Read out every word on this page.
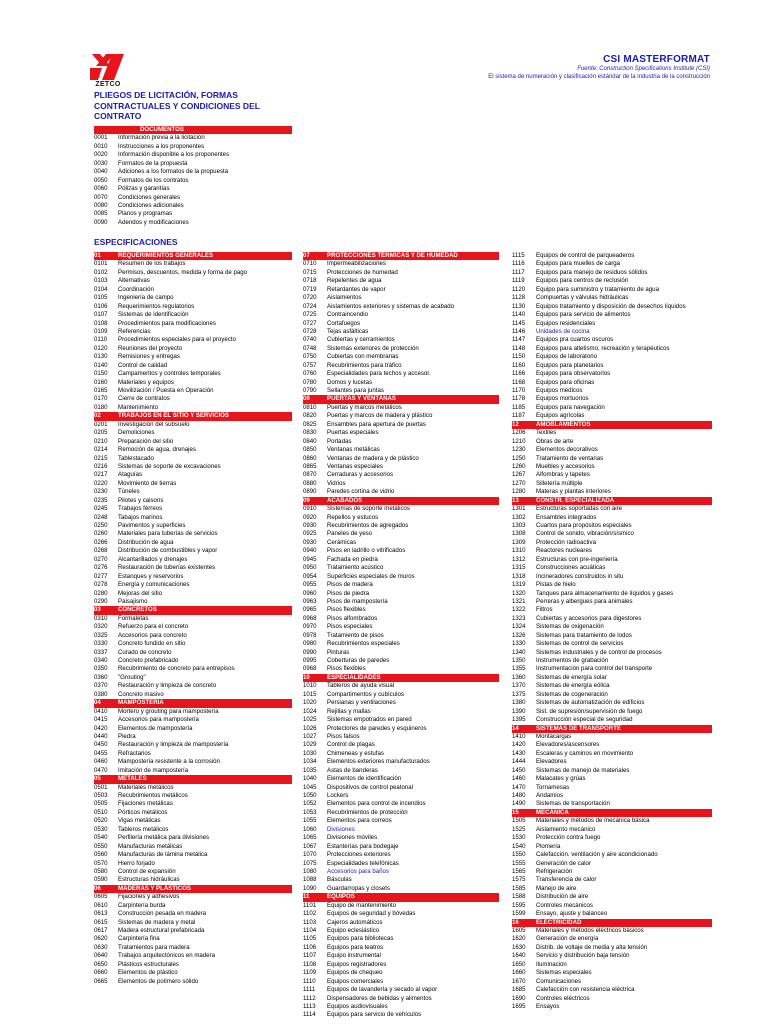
ZETCO
CSI MASTERFORMAT
Fuente: Construction Specifications Institute (CSI)
El sistema de numeración y clasificación estándar de la industria de la construcción
PLIEGOS DE LICITACIÓN, FORMAS CONTRACTUALES Y CONDICIONES DEL CONTRATO
DOCUMENTOS
0001	Información previa a la licitación
0010	Instrucciones a los proponentes
0020	Información disponible a los proponentes
0030	Formatos de la propuesta
0040	Adiciones a los formatos de la propuesta
0050	Formatos de los contratos
0060	Pólizas y garantías
0070	Condiciones generales
0080	Condiciones adicionales
0085	Planos y programas
0090	Adendos y modificaciones
ESPECIFICACIONES
01	REQUERIMIENTOS GENERALES
0101	Resumen de los trabajos
0102	Permisos, descuentos, medida y forma de pago
0103	Alternativas
0104	Coordinación
0105	Ingeniería de campo
0106	Requerimientos regulatorios
0107	Sistemas de identificación
0108	Procedimientos para modificaciones
0109	Referencias
0110	Procedimientos especiales para el proyecto
0120	Reuniones del proyecto
0130	Remisiones y entregas
0140	Control de calidad
0150	Campamentos y controles temporales
0160	Materiales y equipos
0165	Movilización / Puesta en Operación
0170	Cierre de contratos
0180	Mantenimiento
02	TRABAJOS EN EL SITIO Y SERVICIOS
0201	Investigación del subsuelo
0205	Demoliciones
0210	Preparación del sitio
0214	Remoción de agua, drenajes
0215	Tablestacado
0216	Sistemas de soporte de excavaciones
0217	Ataguías
0220	Movimiento de tierras
0230	Túneles
0235	Pilotes y caisons
0245	Trabajos férreos
0248	Tabajos marinos
0250	Pavimentos y superficies
0260	Materiales para tuberías de servicios
0266	Distribución de agua
0268	Distribución de combustibles y vapor
0270	Alcantarillados y drenajes
0276	Restauración de tuberías existentes
0277	Estanques y reservorios
0278	Energía y comunicaciones
0280	Mejoras del sitio
0290	Paisajismo
03	CONCRETOS
0310	Formaletas
0320	Refuerzo para el concreto
0325	Accesorios para concreto
0330	Concreto fundido en sitio
0337	Curado de concreto
0340	Concreto prefabricado
0350	Recubrimiento de concreto para entrepisos
0360	"Grouting"
0370	Restauración y limpieza de concreto
0380	Concreto masivo
04	MAMPOSTERIA
0410	Mortero y grouting para mampostería
0415	Accesorios para mampostería
0420	Elementos de mampostería
0440	Piedra
0450	Restauración y limpieza de mampostería
0455	Refractarios
0460	Mampostería resistente a la corrosión
0470	Imitación de mampostería
05	METALES
0501	Materiales metálicos
0503	Recubrimientos metálicos
0505	Fijaciones metálicas
0510	Pórticos metálicos
0520	Vigas metálicas
0530	Tableros metálicos
0540	Perfilería metálica para divisiones
0550	Manufacturas metálicas
0560	Manufacturas de lámina metálica
0570	Hierro forjado
0580	Control de expansión
0590	Estructuras hidráulicas
06	MADERAS Y PLÁSTICOS
0605	Fijaciones y adhesivos
0610	Carpintería burda
0613	Construcción pesada en madera
0615	Sistemas de madera y metal
0617	Madera estructural prefabricada
0620	Carpintería fina
0630	Tratamientos para madera
0640	Trabajos arquitectónicos en madera
0650	Plásticos estructurales
0660	Elementos de plástico
0665	Elementos de polímero sólido
07	PROTECCIONES TÉRMICAS Y DE HUMEDAD
0710	Impermeabilizaciones
0715	Protecciones de humedad
0718	Repelentes de agua
0719	Retardantes de vapor
0720	Aislamientos
0724	Aislamientos exteriores y sistemas de acabado
0725	Contraincendio
0727	Cortafuegos
0728	Tejas asfálticas
0740	Cubiertas y cerramientos
0748	Sistemas exteriores de protección
0750	Cubiertas con membranas
0757	Recubrimientos para tráfico
0760	Especialidades para techos y accesor.
0780	Domos y lucetas
0790	Sellantes para juntas
08	PUERTAS Y VENTANAS
0810	Puertas y marcos metálicos
0820	Puertas y marcos de madera y plástico
0825	Ensambles para apertura de puertas
0830	Puertas especiales
0840	Portadas
0850	Ventanas metálicas
0860	Ventanas de madera y de plástico
0865	Ventanas especiales
0870	Cerraduras y accesorios
0880	Vidrios
0890	Paredes cortina de vidrio
09	ACABADOS
0910	Sistemas de soporte metálicos
0920	Repellos y estucos
0930	Recubrimientos de agregados
0925	Paneles de yeso
0930	Cerámicas
0940	Pisos en ladrillo o vitrificados
0945	Fachada en piedra
0950	Tratamiento acústico
0954	Superficies especiales de muros
0955	Pisos de madera
0960	Pisos de piedra
0963	Pisos de mampostería
0965	Pisos flexibles
0968	Pisos alfombrados
0970	Pisos especiales
0978	Tratamiento de pisos
0980	Recubrimientos especiales
0990	Pinturas
0995	Coberturas de paredes
0968	Pisos flexibles
10	ESPECIALIDADES
1010	Tableros de ayuda visual
1015	Compartimentos y cubículos
1020	Persianas y ventilaciones
1024	Rejillas y mallas
1025	Sistemas empotrados en pared
1026	Protectores de paredes y esquineros
1027	Pisos falsos
1029	Control de plagas
1030	Chimeneas y estufas
1034	Elementos exteriores manufacturados
1035	Astas de banderas
1040	Elementos de identificación
1045	Dispositivos de control peatonal
1050	Lockers
1052	Elementos para control de incendios
1053	Recubrimientos de protección
1055	Elementos para correos
1060	Divisiones
1065	Divisiones móviles
1067	Estanterías para bodegaje
1070	Protecciones exteriores
1075	Especialidades telefónicas
1080	Accesorios para baños
1088	Básculas
1090	Guardarropas y closets
11	EQUIPOS
1101	Equipo de mantenimiento
1102	Equipos de seguridad y bóvedas
1103	Cajeros automáticos
1104	Equipo eclesiástico
1105	Equipos para bibliotecas
1106	Equipos para teatros
1107	Equipo instrumental
1108	Equipos registradores
1109	Equipos de chequeo
1110	Equipos comerciales
1111	Equipos de lavandería y secado al vapor
1112	Dispensadores de bebidas y alimentos
1113	Equipos audiovisuales
1114	Equipos para servicio de vehículos
1115	Equipos de control de parqueaderos
1116	Equipos para muelles de carga
1117	Equipos para manejo de residuos sólidos
1119	Equipos para centros de reclusión
1120	Equipo para suministro y tratamiento de agua
1128	Compuertas y válvulas hidráulicas
1130	Equipos tratamiento y disposición de desechos líquidos
1140	Equipos para servicio de alimentos
1145	Equipos residenciales
1146	Unidades de cocina
1147	Equipos pra cuartos oscuros
1148	Equipos para atletismo, recreación y terapéuticos
1150	Equipos de laboratorio
1160	Equipos para planetarios
1166	Equipos para observatorios
1168	Equipos para oficinas
1170	Equipos médicos
1178	Equipos mortuorios
1185	Equipos para navegación
1187	Equipos agrícolas
12	AMOBLAMIENTOS
1206	Textiles
1210	Obras de arte
1230	Elementos decorativos
1250	Tratamiento de ventanas
1260	Muebles y accesorios
1267	Alfombras y tapetes
1270	Silletería múltiple
1280	Materas y plantas interiores
13	CONSTR. ESPECIALIZADA
1301	Estructuras soportadas con aire
1302	Ensambles integrados
1303	Cuartos para propósitos especiales
1308	Control de sonido, vibración/sísmico
1309	Protección radioactiva
1310	Reactores nucleares
1312	Estructuras con pre-ingeniería
1315	Construcciones acuáticas
1318	Incineradores construidos in situ
1319	Pistas de hielo
1320	Tanques para almacenamiento de líquidos y gases
1321	Perreras y albergues para animales
1322	Filtros
1323	Cubiertas y accesorios para digestores
1324	Sistemas de oxigenación
1326	Sistemas para tratamiento de lodos
1330	Sistemas de control de servicios
1340	Sistemas industriales y de control de procesos
1350	Instrumentos de grabación
1355	Instrumentación para control del transporte
1360	Sistemas de energía solar
1370	Sistemas de energía eólica
1375	Sistemas de cogeneración
1380	Sistemas de automatización de edificios
1390	Sist. de supresión/supervisión de fuego
1395	Construcción especial de seguridad
14	SISTEMAS DE TRANSPORTE
1410	Montacargas
1420	Elevadores/ascensores
1430	Escaleras y caminos en movimiento
1444	Elevadores
1450	Sistemas de manejo de materiales
1460	Malacates y grúas
1470	Tornamesas
1480	Andamios
1490	Sistemas de transportación
15	MECÁNICA
1505	Materiales y métodos de mecánica básica
1525	Aislamiento mecánico
1530	Protección contra fuego
1540	Plomería
1550	Calefacción. ventilación y aire acondicionado
1555	Generación de calor
1565	Refrigeración
1575	Transferencia de calor
1585	Manejo de aire
1588	Distribución de aire
1595	Controles mecánicos
1599	Ensayo, ajuste y balanceo
16	ELECTRICIDAD
1605	Materiales y métodos eléctricos básicos
1620	Generación de energía
1630	Distrib. de voltaje de media y alta tensión
1640	Servicio y distribución baja tensión
1650	Iluminación
1660	Sistemas especiales
1670	Comunicaciones
1685	Calefacción con resistencia eléctrica
1690	Controles eléctricos
1695	Ensayos
